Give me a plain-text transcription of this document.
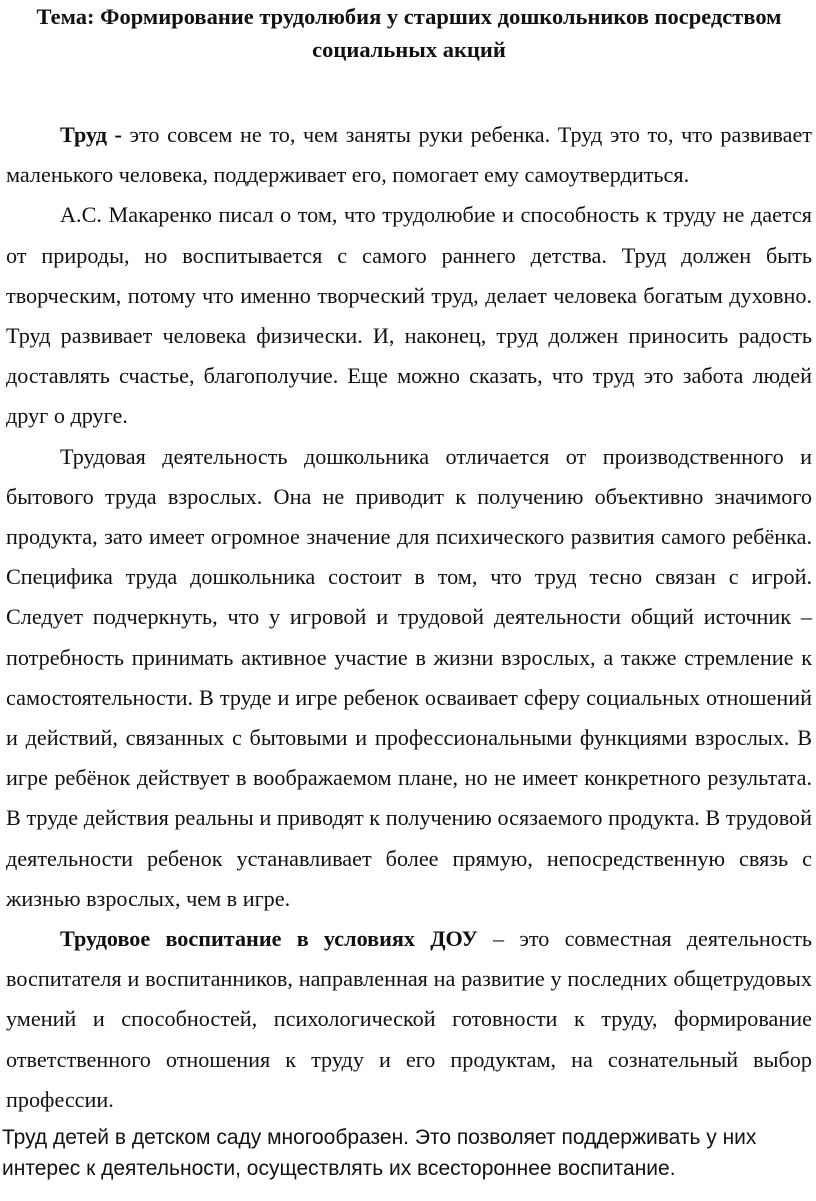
Тема: Формирование трудолюбия у старших дошкольников посредством социальных акций

Труд - это совсем не то, чем заняты руки ребенка. Труд это то, что развивает маленького человека, поддерживает его, помогает ему самоутвердиться.

А.С. Макаренко писал о том, что трудолюбие и способность к труду не дается от природы, но воспитывается с самого раннего детства. Труд должен быть творческим, потому что именно творческий труд, делает человека богатым духовно. Труд развивает человека физически. И, наконец, труд должен приносить радость доставлять счастье, благополучие. Еще можно сказать, что труд это забота людей друг о друге.

Трудовая деятельность дошкольника отличается от производственного и бытового труда взрослых. Она не приводит к получению объективно значимого продукта, зато имеет огромное значение для психического развития самого ребёнка. Специфика труда дошкольника состоит в том, что труд тесно связан с игрой. Следует подчеркнуть, что у игровой и трудовой деятельности общий источник – потребность принимать активное участие в жизни взрослых, а также стремление к самостоятельности. В труде и игре ребенок осваивает сферу социальных отношений и действий, связанных с бытовыми и профессиональными функциями взрослых. В игре ребёнок действует в воображаемом плане, но не имеет конкретного результата. В труде действия реальны и приводят к получению осязаемого продукта. В трудовой деятельности ребенок устанавливает более прямую, непосредственную связь с жизнью взрослых, чем в игре.

Трудовое воспитание в условиях ДОУ – это совместная деятельность воспитателя и воспитанников, направленная на развитие у последних общетрудовых умений и способностей, психологической готовности к труду, формирование ответственного отношения к труду и его продуктам, на сознательный выбор профессии.

Труд детей в детском саду многообразен. Это позволяет поддерживать у них интерес к деятельности, осуществлять их всестороннее воспитание.
